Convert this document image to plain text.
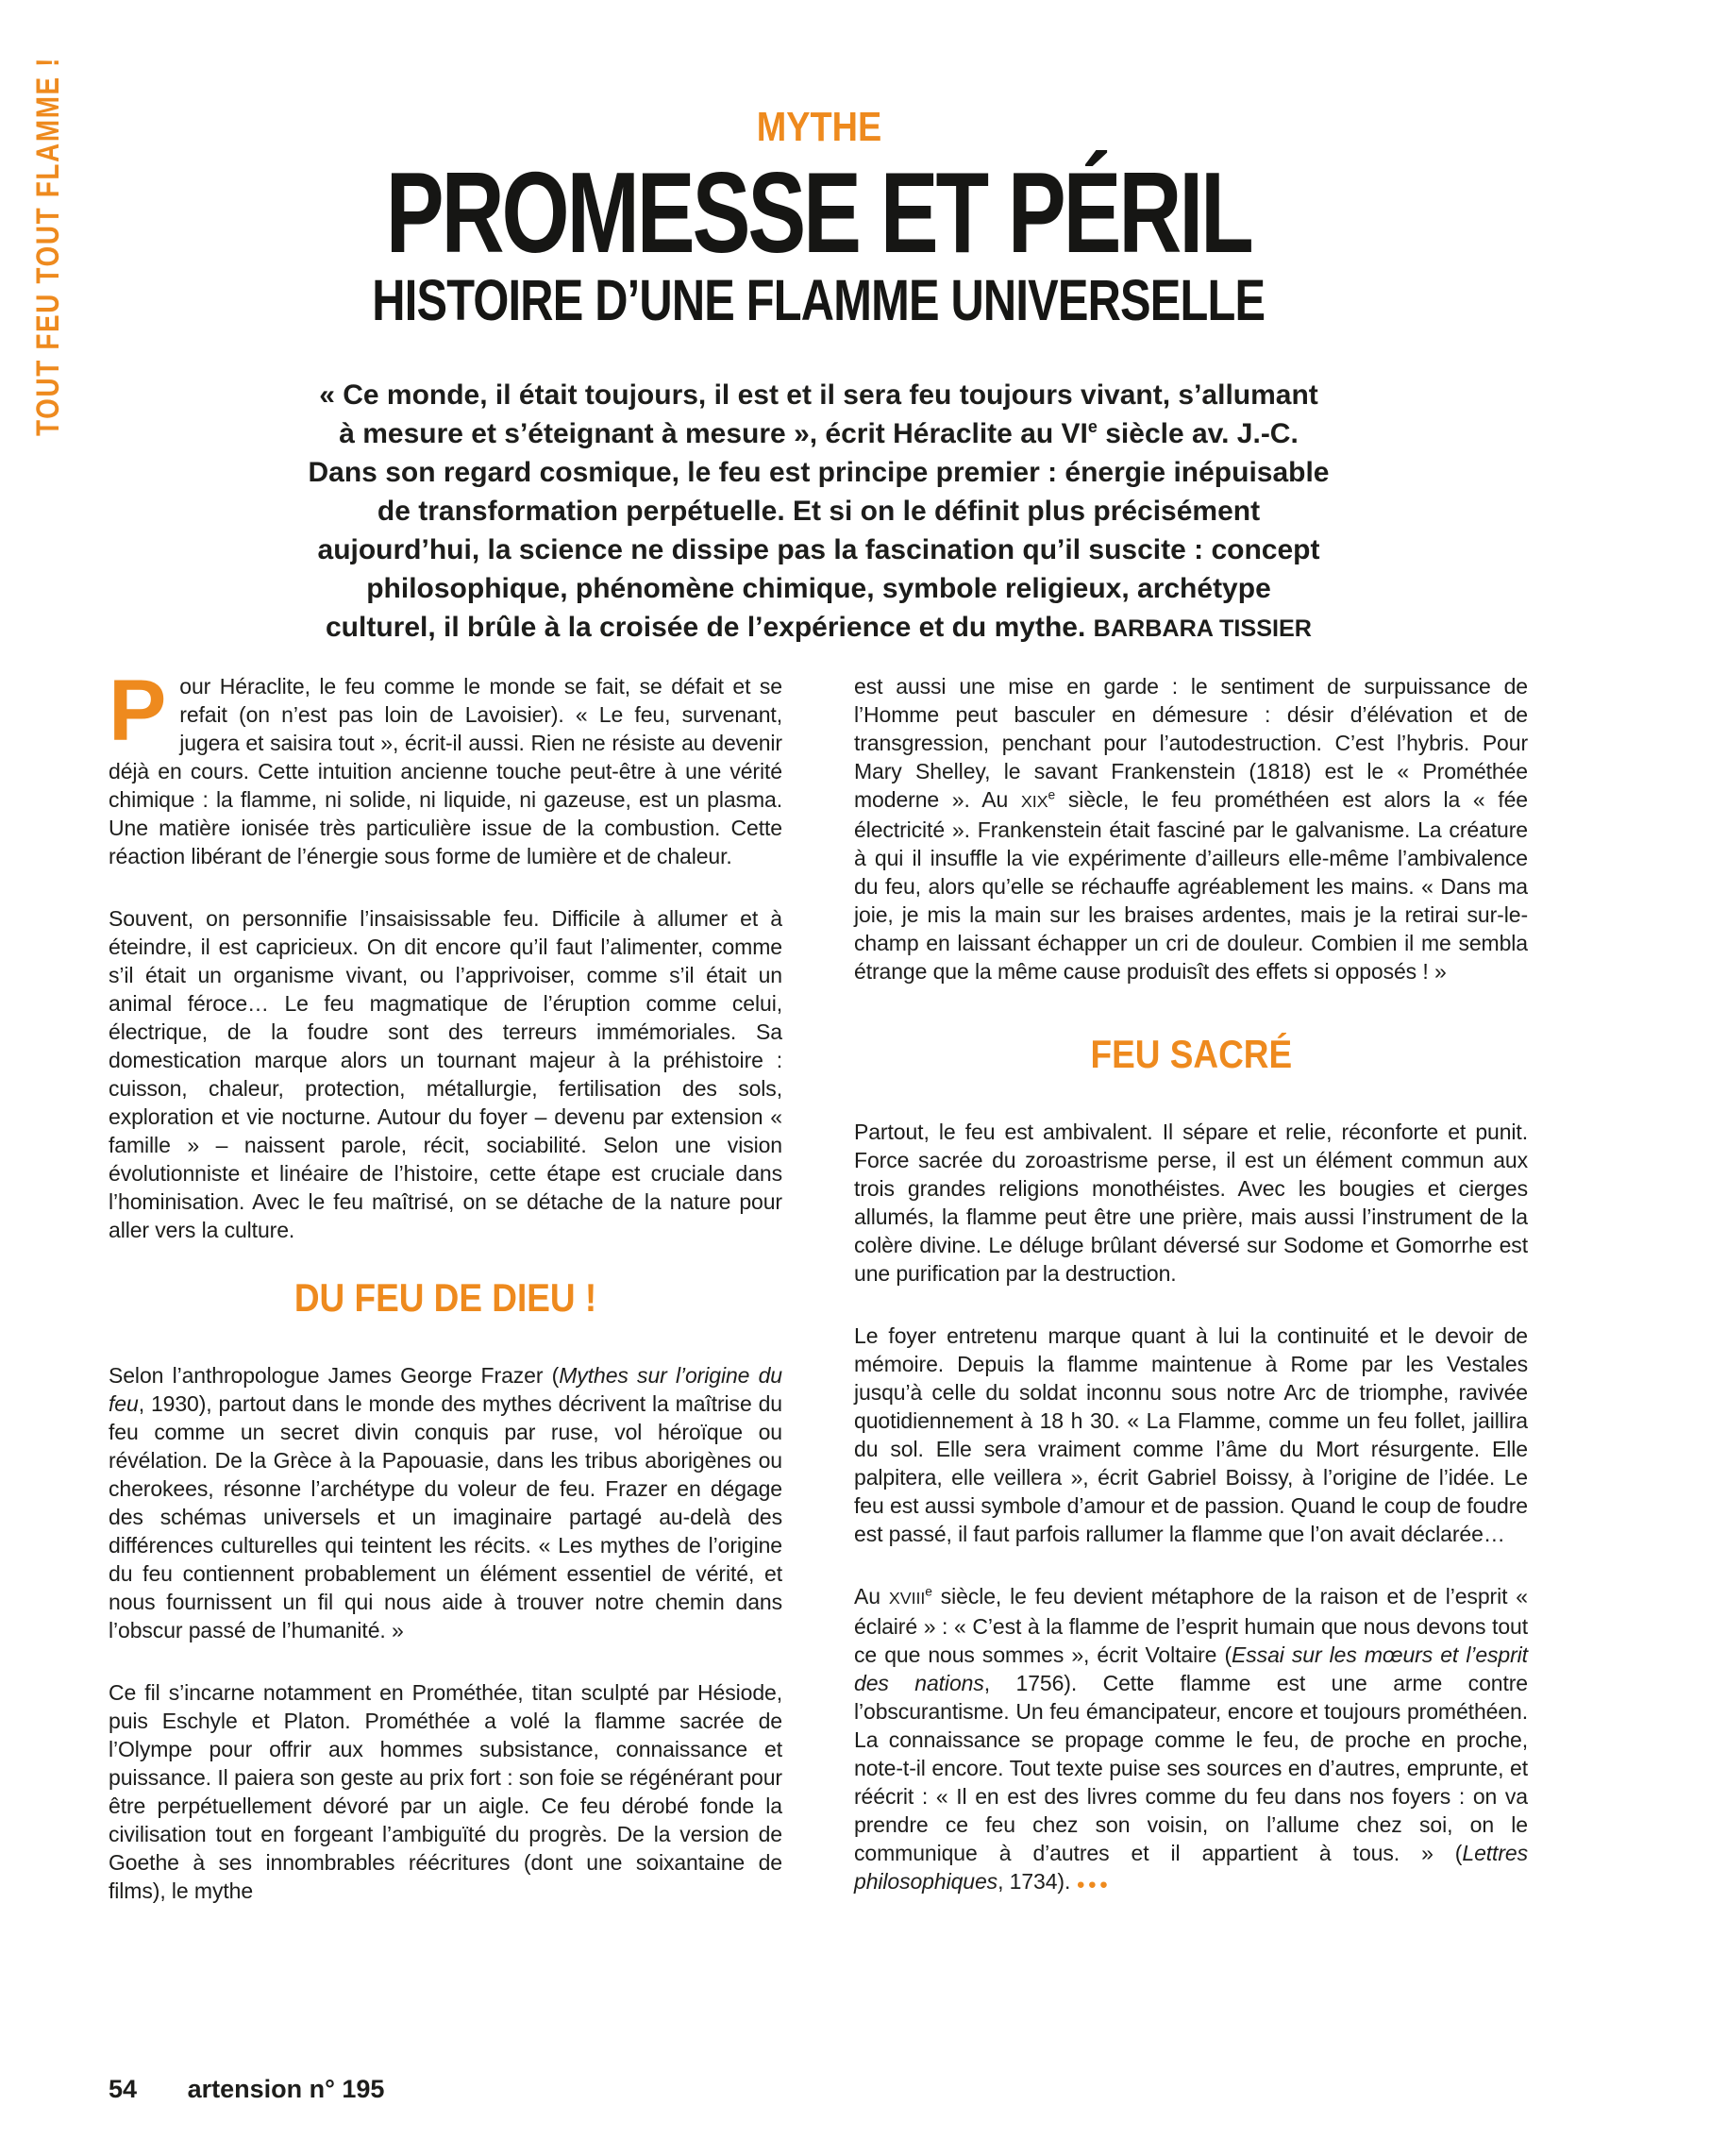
TOUT FEU TOUT FLAMME !	MYTHE
PROMESSE ET PÉRIL
HISTOIRE D’UNE FLAMME UNIVERSELLE
« Ce monde, il était toujours, il est et il sera feu toujours vivant, s’allumant
à mesure et s’éteignant à mesure », écrit Héraclite au VIe siècle av. J.-C.
Dans son regard cosmique, le feu est principe premier : énergie inépuisable
de transformation perpétuelle. Et si on le définit plus précisément
aujourd’hui, la science ne dissipe pas la fascination qu’il suscite : concept
philosophique, phénomène chimique, symbole religieux, archétype
culturel, il brûle à la croisée de l’expérience et du mythe. BARBARA TISSIER

Pour Héraclite, le feu comme le monde se fait, se défait et se refait (on n’est pas loin de Lavoisier). « Le feu, survenant, jugera et saisira tout », écrit-il aussi. Rien ne résiste au devenir déjà en cours. Cette intuition ancienne touche peut-être à une vérité chimique : la flamme, ni solide, ni liquide, ni gazeuse, est un plasma. Une matière ionisée très particulière issue de la combustion. Cette réaction libérant de l’énergie sous forme de lumière et de chaleur.

Souvent, on personnifie l’insaisissable feu. Difficile à allumer et à éteindre, il est capricieux. On dit encore qu’il faut l’alimenter, comme s’il était un organisme vivant, ou l’apprivoiser, comme s’il était un animal féroce… Le feu magmatique de l’éruption comme celui, électrique, de la foudre sont des terreurs immémoriales. Sa domestication marque alors un tournant majeur à la préhistoire : cuisson, chaleur, protection, métallurgie, fertilisation des sols, exploration et vie nocturne. Autour du foyer – devenu par extension « famille » – naissent parole, récit, sociabilité. Selon une vision évolutionniste et linéaire de l’histoire, cette étape est cruciale dans l’hominisation. Avec le feu maîtrisé, on se détache de la nature pour aller vers la culture.

DU FEU DE DIEU !

Selon l’anthropologue James George Frazer (Mythes sur l’origine du feu, 1930), partout dans le monde des mythes décrivent la maîtrise du feu comme un secret divin conquis par ruse, vol héroïque ou révélation. De la Grèce à la Papouasie, dans les tribus aborigènes ou cherokees, résonne l’archétype du voleur de feu. Frazer en dégage des schémas universels et un imaginaire partagé au-delà des différences culturelles qui teintent les récits. « Les mythes de l’origine du feu contiennent probablement un élément essentiel de vérité, et nous fournissent un fil qui nous aide à trouver notre chemin dans l’obscur passé de l’humanité. »

Ce fil s’incarne notamment en Prométhée, titan sculpté par Hésiode, puis Eschyle et Platon. Prométhée a volé la flamme sacrée de l’Olympe pour offrir aux hommes subsistance, connaissance et puissance. Il paiera son geste au prix fort : son foie se régénérant pour être perpétuellement dévoré par un aigle. Ce feu dérobé fonde la civilisation tout en forgeant l’ambiguïté du progrès. De la version de Goethe à ses innombrables réécritures (dont une soixantaine de films), le mythe

est aussi une mise en garde : le sentiment de surpuissance de l’Homme peut basculer en démesure : désir d’élévation et de transgression, penchant pour l’autodestruction. C’est l’hybris. Pour Mary Shelley, le savant Frankenstein (1818) est le « Prométhée moderne ». Au XIXe siècle, le feu prométhéen est alors la « fée électricité ». Frankenstein était fasciné par le galvanisme. La créature à qui il insuffle la vie expérimente d’ailleurs elle-même l’ambivalence du feu, alors qu’elle se réchauffe agréablement les mains. « Dans ma joie, je mis la main sur les braises ardentes, mais je la retirai sur-le-champ en laissant échapper un cri de douleur. Combien il me sembla étrange que la même cause produisît des effets si opposés ! »

FEU SACRÉ

Partout, le feu est ambivalent. Il sépare et relie, réconforte et punit. Force sacrée du zoroastrisme perse, il est un élément commun aux trois grandes religions monothéistes. Avec les bougies et cierges allumés, la flamme peut être une prière, mais aussi l’instrument de la colère divine. Le déluge brûlant déversé sur Sodome et Gomorrhe est une purification par la destruction.

Le foyer entretenu marque quant à lui la continuité et le devoir de mémoire. Depuis la flamme maintenue à Rome par les Vestales jusqu’à celle du soldat inconnu sous notre Arc de triomphe, ravivée quotidiennement à 18 h 30. « La Flamme, comme un feu follet, jaillira du sol. Elle sera vraiment comme l’âme du Mort résurgente. Elle palpitera, elle veillera », écrit Gabriel Boissy, à l’origine de l’idée. Le feu est aussi symbole d’amour et de passion. Quand le coup de foudre est passé, il faut parfois rallumer la flamme que l’on avait déclarée…

Au XVIIIe siècle, le feu devient métaphore de la raison et de l’esprit « éclairé » : « C’est à la flamme de l’esprit humain que nous devons tout ce que nous sommes », écrit Voltaire (Essai sur les mœurs et l’esprit des nations, 1756). Cette flamme est une arme contre l’obscurantisme. Un feu émancipateur, encore et toujours prométhéen. La connaissance se propage comme le feu, de proche en proche, note-t-il encore. Tout texte puise ses sources en d’autres, emprunte, et réécrit : « Il en est des livres comme du feu dans nos foyers : on va prendre ce feu chez son voisin, on l’allume chez soi, on le communique à d’autres et il appartient à tous. » (Lettres philosophiques, 1734). ●●●

54 artension n° 195
